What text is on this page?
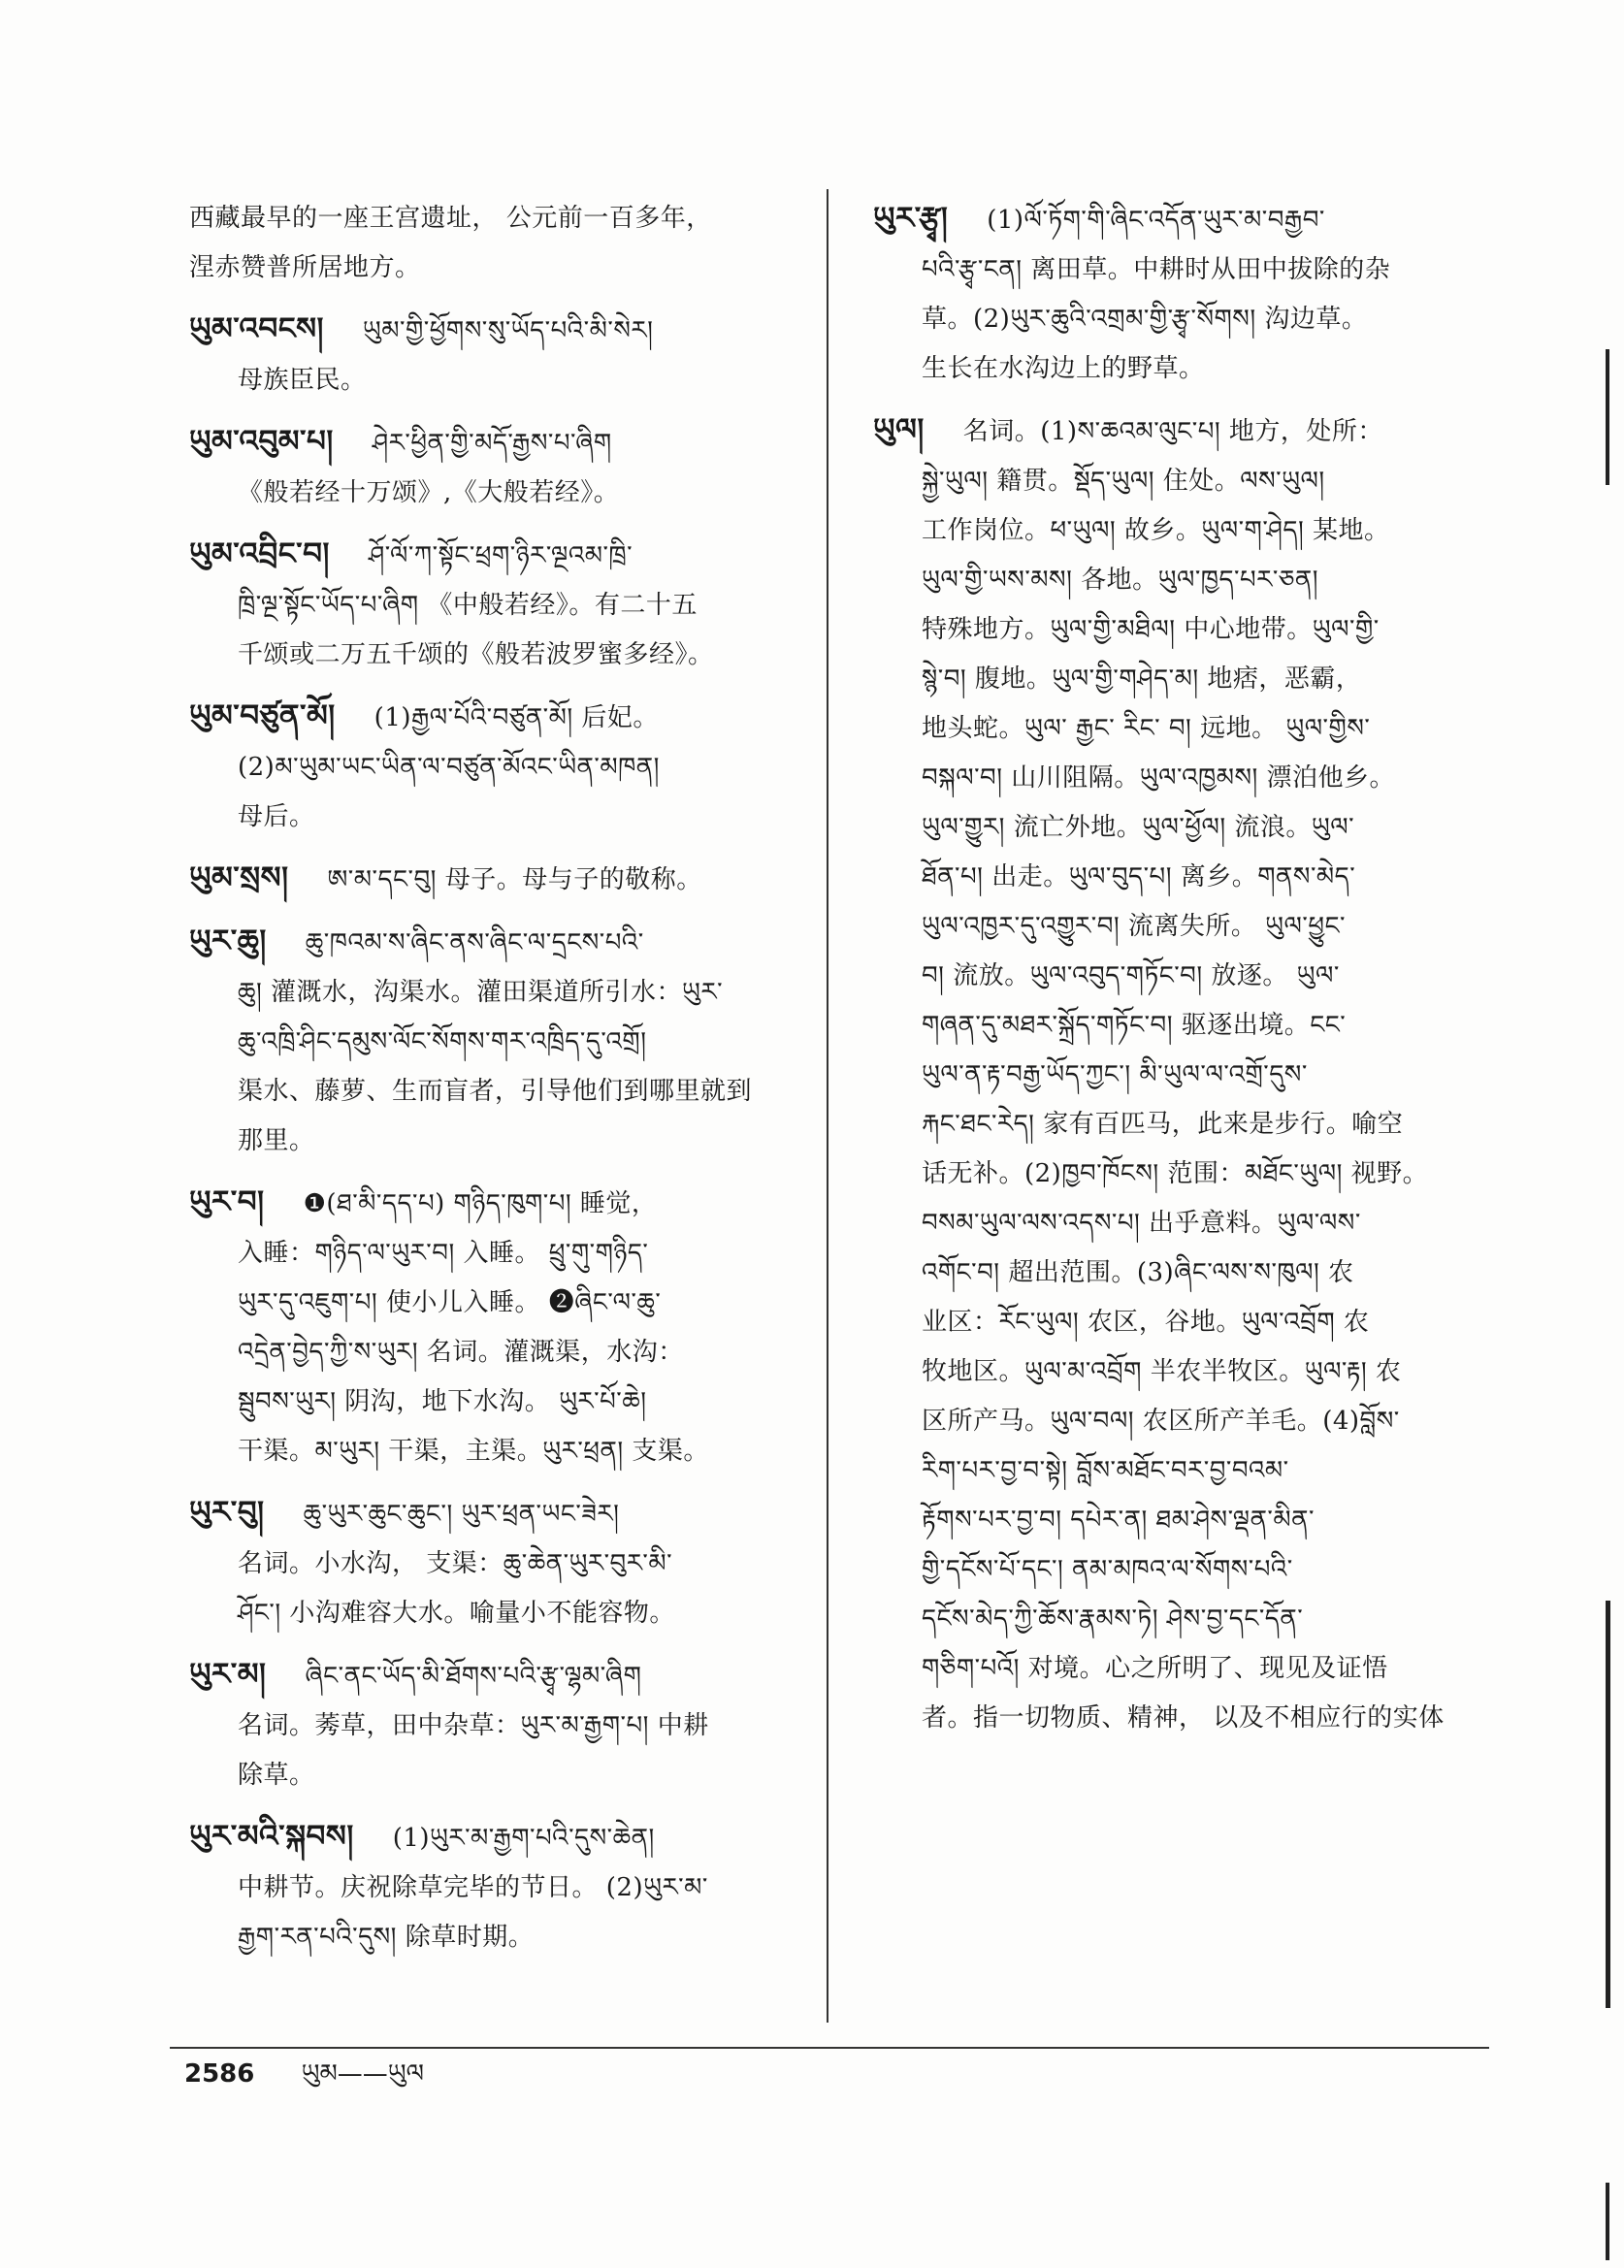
西藏最早的一座王宫遗址， 公元前一百多年，
涅赤赞普所居地方。
ཡུམ་འབངས། ཡུམ་གྱི་ཕྱོགས་སུ་ཡོད་པའི་མི་སེར།
母族臣民。
ཡུམ་འབུམ་པ། ཤེར་ཕྱིན་གྱི་མདོ་རྒྱས་པ་ཞིག
《般若经十万颂》,《大般若经》。
ཡུམ་འབྲིང་བ། ཤོ་ལོ་ཀ་སྟོང་ཕྲག་ཉིར་ལྔའམ་ཁྲི་
ཁྲི་ལྔ་སྟོང་ཡོད་པ་ཞིག 《中般若经》。有二十五
千颂或二万五千颂的《般若波罗蜜多经》。
ཡུམ་བཙུན་མོ། (1)རྒྱལ་པོའི་བཙུན་མོ། 后妃。
(2)མ་ཡུམ་ཡང་ཡིན་ལ་བཙུན་མོའང་ཡིན་མཁན།
母后。
ཡུམ་སྲས། ཨ་མ་དང་བུ། 母子。母与子的敬称。
ཡུར་ཆུ། ཆུ་ཁའམ་ས་ཞིང་ནས་ཞིང་ལ་དྲངས་པའི་
ཆུ། 灌溉水，沟渠水。灌田渠道所引水：ཡུར་
ཆུ་འཁྲི་ཤིང་དམུས་ལོང་སོགས་གར་འཁྲིད་དུ་འགྲོ།
渠水、藤萝、生而盲者，引导他们到哪里就到
那里。
ཡུར་བ། ❶(ཐ་མི་དད་པ) གཉིད་ཁུག་པ། 睡觉，
入睡：གཉིད་ལ་ཡུར་བ། 入睡。 ཕྲུ་གུ་གཉིད་
ཡུར་དུ་འཇུག་པ། 使小儿入睡。 ❷ཞིང་ལ་ཆུ་
འདྲེན་བྱེད་ཀྱི་ས་ཡུར། 名词。灌溉渠，水沟：
སྦུབས་ཡུར། 阴沟，地下水沟。 ཡུར་པོ་ཆེ།
干渠。མ་ཡུར། 干渠，主渠。ཡུར་ཕྲན། 支渠。
ཡུར་བུ། ཆུ་ཡུར་ཆུང་ཆུང་། ཡུར་ཕྲན་ཡང་ཟེར།
名词。小水沟， 支渠：ཆུ་ཆེན་ཡུར་བུར་མི་
ཤོང་། 小沟难容大水。喻量小不能容物。
ཡུར་མ། ཞིང་ནང་ཡོད་མི་ཐོགས་པའི་རྩྭ་ལྷམ་ཞིག
名词。莠草，田中杂草：ཡུར་མ་རྒྱག་པ། 中耕
除草。
ཡུར་མའི་སྐབས། (1)ཡུར་མ་རྒྱག་པའི་དུས་ཆེན།
中耕节。庆祝除草完毕的节日。 (2)ཡུར་མ་
རྒྱག་རན་པའི་དུས། 除草时期。
ཡུར་རྩྭ། (1)ལོ་ཏོག་གི་ཞིང་འདོན་ཡུར་མ་བརྒྱབ་
པའི་རྩྭ་ངན། 离田草。中耕时从田中拔除的杂
草。(2)ཡུར་ཆུའི་འགྲམ་གྱི་རྩྭ་སོགས། 沟边草。
生长在水沟边上的野草。
ཡུལ། 名词。(1)ས་ཆའམ་ལུང་པ། 地方，处所：
སྐྱེ་ཡུལ། 籍贯。སྡོད་ཡུལ། 住处。ལས་ཡུལ།
工作岗位。ཕ་ཡུལ། 故乡。ཡུལ་ག་ཤེད། 某地。
ཡུལ་གྱི་ཡས་མས། 各地。ཡུལ་ཁྱད་པར་ཅན།
特殊地方。ཡུལ་གྱི་མཐིལ། 中心地带。ཡུལ་གྱི་
སྙེ་བ། 腹地。ཡུལ་གྱི་གཤེད་མ། 地痞，恶霸，
地头蛇。ཡུལ་ རྒྱང་ རིང་ བ། 远地。 ཡུལ་གྱིས་
བསྐལ་བ། 山川阻隔。ཡུལ་འཁྱམས། 漂泊他乡。
ཡུལ་གྱུར། 流亡外地。ཡུལ་ཕྱོལ། 流浪。ཡུལ་
ཐོན་པ། 出走。ཡུལ་བུད་པ། 离乡。གནས་མེད་
ཡུལ་འཁྱར་དུ་འགྱུར་བ། 流离失所。 ཡུལ་ཕྱུང་
བ། 流放。ཡུལ་འབུད་གཏོང་བ། 放逐。 ཡུལ་
གཞན་དུ་མཐར་སྐྲོད་གཏོང་བ། 驱逐出境。ངང་
ཡུལ་ན་རྟ་བརྒྱ་ཡོད་ཀྱང་། མི་ཡུལ་ལ་འགྲོ་དུས་
རྐང་ཐང་རེད། 家有百匹马，此来是步行。喻空
话无补。(2)ཁྱབ་ཁོངས། 范围：མཐོང་ཡུལ། 视野。
བསམ་ཡུལ་ལས་འདས་པ། 出乎意料。ཡུལ་ལས་
འགོང་བ། 超出范围。(3)ཞིང་ལས་ས་ཁུལ། 农
业区：རོང་ཡུལ། 农区，谷地。ཡུལ་འབྲོག 农
牧地区。ཡུལ་མ་འབྲོག 半农半牧区。ཡུལ་རྟ། 农
区所产马。ཡུལ་བལ། 农区所产羊毛。(4)བློས་
རིག་པར་བྱ་བ་སྟེ། བློས་མཐོང་བར་བྱ་བའམ་
རྟོགས་པར་བྱ་བ། དཔེར་ན། ཐམ་ཤེས་ལྡན་མིན་
གྱི་དངོས་པོ་དང་། ནམ་མཁའ་ལ་སོགས་པའི་
དངོས་མེད་ཀྱི་ཆོས་རྣམས་ཏེ། ཤེས་བྱ་དང་དོན་
གཅིག་པའོ། 对境。心之所明了、现见及证悟
者。指一切物质、精神， 以及不相应行的实体
2586 ཡུམ——ཡུལ
